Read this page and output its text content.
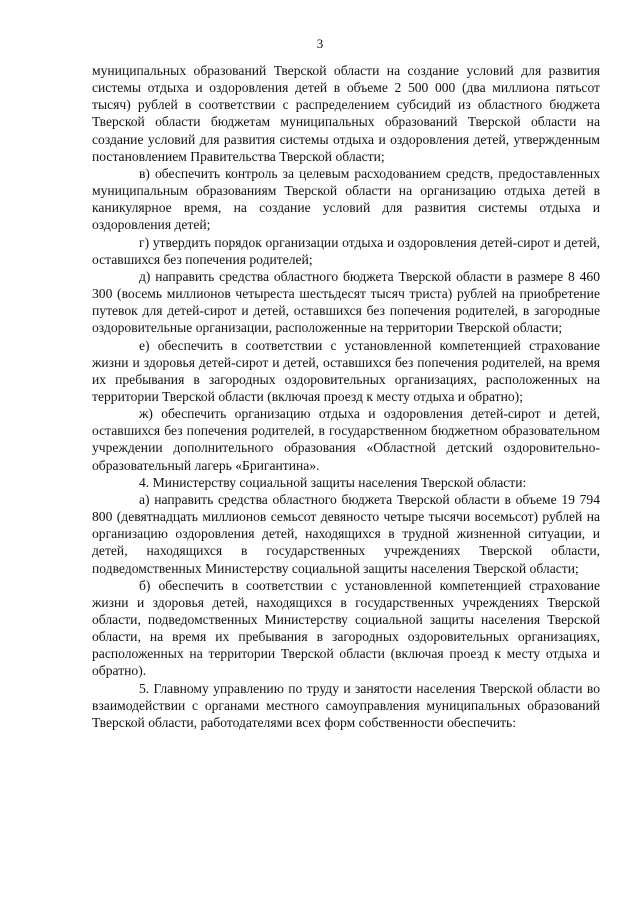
3

муниципальных образований Тверской области на создание условий для развития системы отдыха и оздоровления детей в объеме 2 500 000 (два миллиона пятьсот тысяч) рублей в соответствии с распределением субсидий из областного бюджета Тверской области бюджетам муниципальных образований Тверской области на создание условий для развития системы отдыха и оздоровления детей, утвержденным постановлением Правительства Тверской области;

в) обеспечить контроль за целевым расходованием средств, предоставленных муниципальным образованиям Тверской области на организацию отдыха детей в каникулярное время, на создание условий для развития системы отдыха и оздоровления детей;

г) утвердить порядок организации отдыха и оздоровления детей-сирот и детей, оставшихся без попечения родителей;

д) направить средства областного бюджета Тверской области в размере 8 460 300 (восемь миллионов четыреста шестьдесят тысяч триста) рублей на приобретение путевок для детей-сирот и детей, оставшихся без попечения родителей, в загородные оздоровительные организации, расположенные на территории Тверской области;

е) обеспечить в соответствии с установленной компетенцией страхование жизни и здоровья детей-сирот и детей, оставшихся без попечения родителей, на время их пребывания в загородных оздоровительных организациях, расположенных на территории Тверской области (включая проезд к месту отдыха и обратно);

ж) обеспечить организацию отдыха и оздоровления детей-сирот и детей, оставшихся без попечения родителей, в государственном бюджетном образовательном учреждении дополнительного образования «Областной детский оздоровительно-образовательный лагерь «Бригантина».

4. Министерству социальной защиты населения Тверской области:

а) направить средства областного бюджета Тверской области в объеме 19 794 800 (девятнадцать миллионов семьсот девяносто четыре тысячи восемьсот) рублей на организацию оздоровления детей, находящихся в трудной жизненной ситуации, и детей, находящихся в государственных учреждениях Тверской области, подведомственных Министерству социальной защиты населения Тверской области;

б) обеспечить в соответствии с установленной компетенцией страхование жизни и здоровья детей, находящихся в государственных учреждениях Тверской области, подведомственных Министерству социальной защиты населения Тверской области, на время их пребывания в загородных оздоровительных организациях, расположенных на территории Тверской области (включая проезд к месту отдыха и обратно).

5. Главному управлению по труду и занятости населения Тверской области во взаимодействии с органами местного самоуправления муниципальных образований Тверской области, работодателями всех форм собственности обеспечить:
